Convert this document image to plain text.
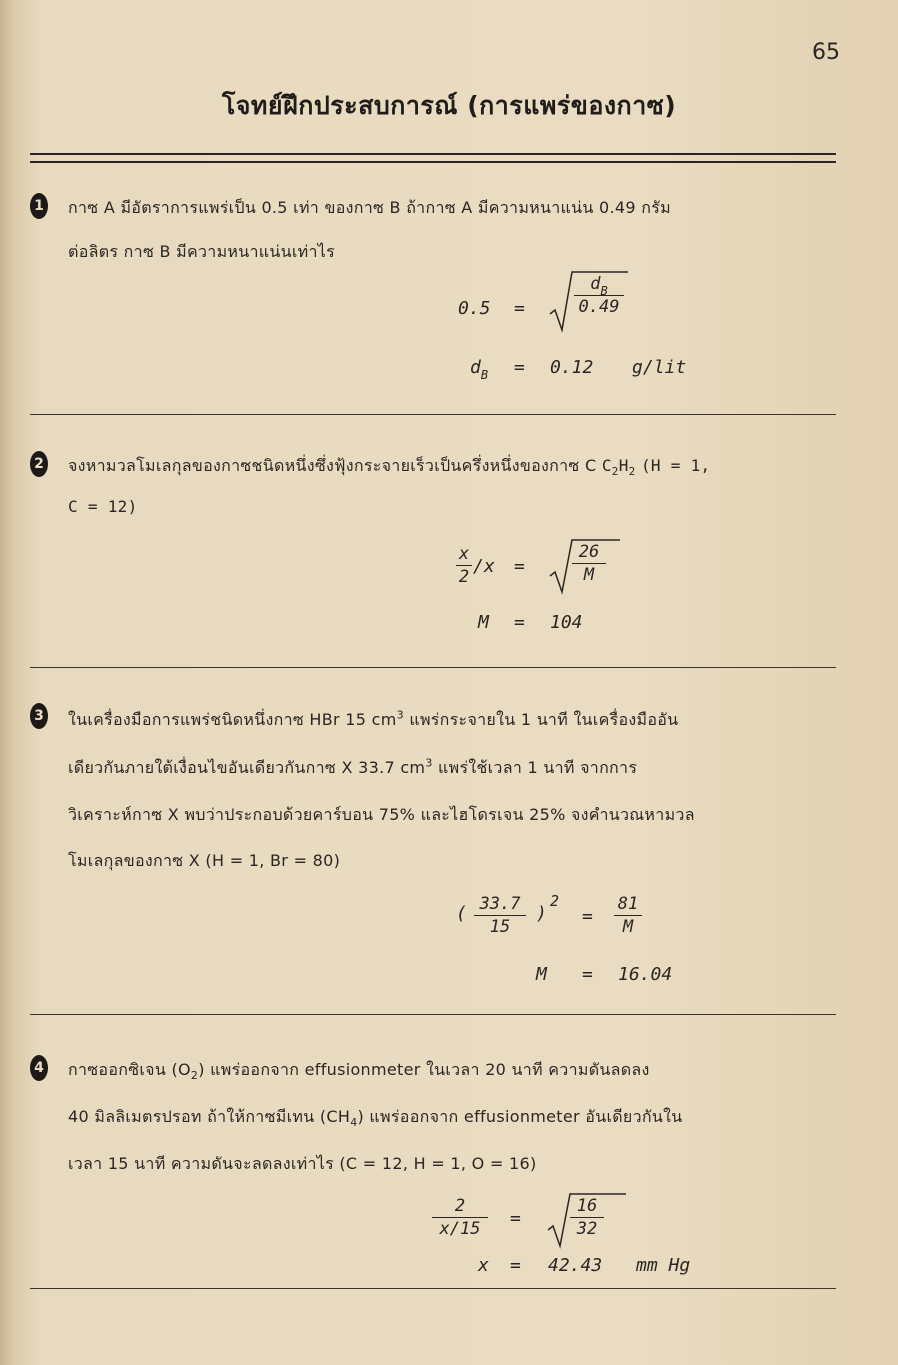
65
โจทย์ฝึกประสบการณ์ (การแพร่ของกาซ)
1 กาซ A มีอัตราการแพร่เป็น 0.5 เท่า ของกาซ B ถ้ากาซ A มีความหนาแน่น 0.49 กรัม
ต่อลิตร กาซ B มีความหนาแน่นเท่าไร
0.5 =
$d_B$
0.49
$d_B = 0.12$ g/lit
2 จงหามวลโมเลกุลของกาซชนิดหนึ่งซึ่งฟุ้งกระจายเร็วเป็นครึ่งหนึ่งของกาซ C $C_2H_2$ (H = 1,
C = 12)
x
2 /x =
26
M
M = 104
3 ในเครื่องมือการแพร่ชนิดหนึ่งกาซ HBr 15 $cm^3$ แพร่กระจายใน 1 นาที ในเครื่องมืออัน
เดียวกันภายใต้เงื่อนไขอันเดียวกันกาซ X 33.7 $cm^3$ แพร่ใช้เวลา 1 นาที จากการ
วิเคราะห์กาซ X พบว่าประกอบด้วยคาร์บอน 75% และไฮโดรเจน 25% จงคำนวณหามวล
โมเลกุลของกาซ X (H = 1, Br = 80)
( 33.7
15
)
2
=
81
M
M = 16.04
4 กาซออกซิเจน $(O_2)$ แพร่ออกจาก effusionmeter ในเวลา 20 นาที ความดันลดลง
40 มิลลิเมตรปรอท ถ้าให้กาซมีเทน $(CH_4)$ แพร่ออกจาก effusionmeter อันเดียวกันใน
เวลา 15 นาที ความดันจะลดลงเท่าไร (C = 12, H = 1, O = 16)
2
x/15	=
16
32
x = 42.43 mm Hg
